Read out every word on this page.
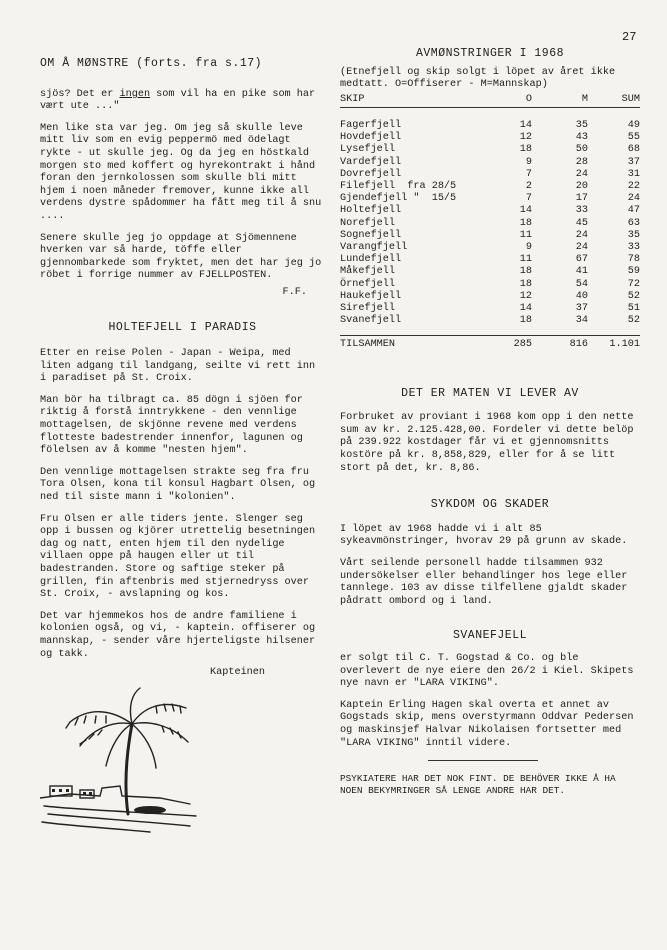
27
OM Å MØNSTRE (forts. fra s.17)

sjös? Det er ingen som vil ha en pike som har vært ute ..."

Men like sta var jeg. Om jeg så skulle leve mitt liv som en evig peppermö med ödelagt rykte - ut skulle jeg. Og da jeg en höstkald morgen sto med koffert og hyrekontrakt i hånd foran den jernkolossen som skulle bli mitt hjem i noen måneder fremover, kunne ikke all verdens dystre spådommer ha fått meg til å snu ....

Senere skulle jeg jo oppdage at Sjömennene hverken var så harde, töffe eller gjennombarkede som fryktet, men det har jeg jo röbet i forrige nummer av FJELLPOSTEN.

F.F.
HOLTEFJELL I PARADIS

Etter en reise Polen - Japan - Weipa, med liten adgang til landgang, seilte vi rett inn i paradiset på St. Croix.

Man bör ha tilbragt ca. 85 dögn i sjöen for riktig å forstå inntrykkene - den vennlige mottagelsen, de skjönne revene med verdens flotteste badestrender innenfor, lagunen og fölelsen av å komme "nesten hjem".

Den vennlige mottagelsen strakte seg fra fru Tora Olsen, kona til konsul Hagbart Olsen, og ned til siste mann i "kolonien".

Fru Olsen er alle tiders jente. Slenger seg opp i bussen og kjörer utrettelig besetningen dag og natt, enten hjem til den nydelige villaen oppe på haugen eller ut til badestranden. Store og saftige steker på grillen, fin aftenbris med stjernedryss over St. Croix, - avslapning og kos.

Det var hjemmekos hos de andre familiene i kolonien også, og vi, - kaptein. offiserer og mannskap, - sender våre hjerteligste hilsener og takk.

Kapteinen
AVMØNSTRINGER I 1968
(Etnefjell og skip solgt i löpet av året ikke medtatt. O=Offiserer - M=Mannskap)
SKIP	O	M	SUM

Fagerfjell	14	35	49
Hovdefjell	12	43	55
Lysefjell	18	50	68
Vardefjell	9	28	37
Dovrefjell	7	24	31
Filefjell  fra 28/5	2	20	22
Gjendefjell "  15/5	7	17	24
Holtefjell	14	33	47
Norefjell	18	45	63
Sognefjell	11	24	35
Varangfjell	9	24	33
Lundefjell	11	67	78
Måkefjell	18	41	59
Örnefjell	18	54	72
Haukefjell	12	40	52
Sirefjell	14	37	51
Svanefjell	18	34	52

TILSAMMEN	285	816	1.101
DET ER MATEN VI LEVER AV

Forbruket av proviant i 1968 kom opp i den nette sum av kr. 2.125.428,00. Fordeler vi dette belöp på 239.922 kostdager får vi et gjennomsnitts kostöre på kr. 8,858,829, eller for å se litt stort på det, kr. 8,86.

SYKDOM OG SKADER

I löpet av 1968 hadde vi i alt 85 sykeavmönstringer, hvorav 29 på grunn av skade.

Vårt seilende personell hadde tilsammen 932 undersökelser eller behandlinger hos lege eller tannlege. 103 av disse tilfellene gjaldt skader pådratt ombord og i land.

SVANEFJELL

er solgt til C. T. Gogstad & Co. og ble overlevert de nye eiere den 26/2 i Kiel. Skipets nye navn er "LARA VIKING".

Kaptein Erling Hagen skal overta et annet av Gogstads skip, mens overstyrmann Oddvar Pedersen og maskinsjef Halvar Nikolaisen fortsetter med "LARA VIKING" inntil videre.

PSYKIATERE HAR DET NOK FINT. DE BEHÖVER IKKE Å HA NOEN BEKYMRINGER SÅ LENGE ANDRE HAR DET.
